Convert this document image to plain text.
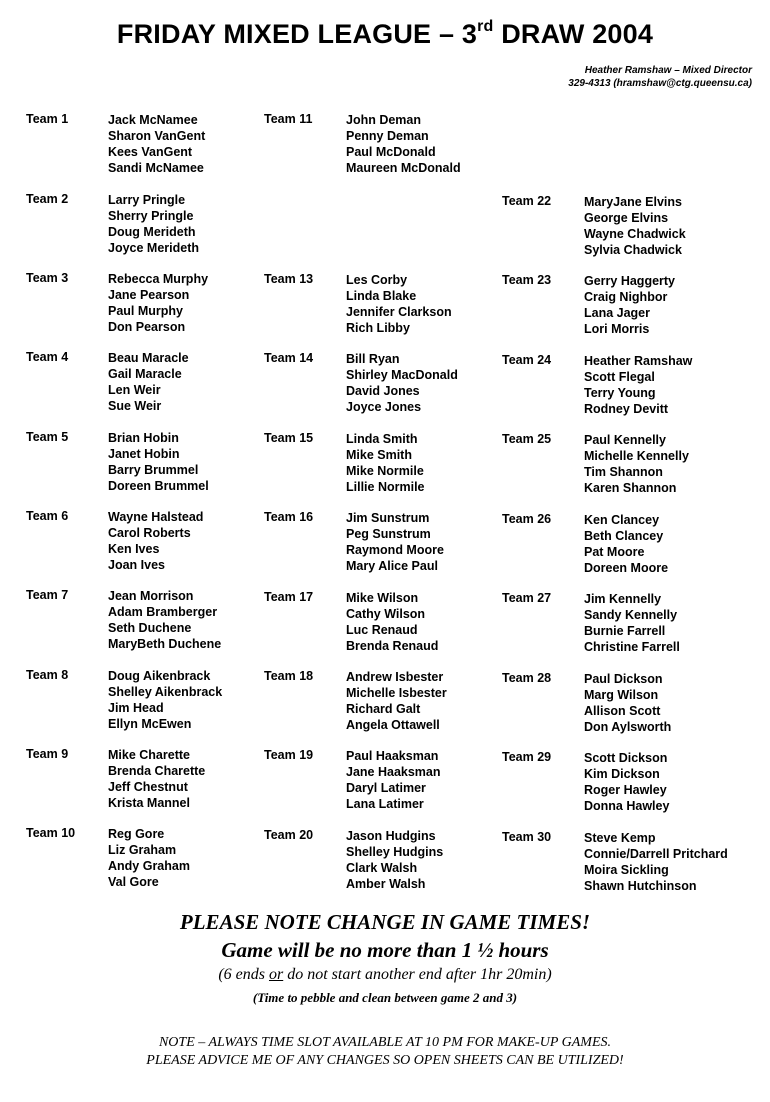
FRIDAY MIXED LEAGUE – 3rd DRAW 2004
Heather Ramshaw – Mixed Director
329-4313 (hramshaw@ctg.queensu.ca)
Team 1	Jack McNamee
Sharon VanGent
Kees VanGent
Sandi McNamee
Team 2	Larry Pringle
Sherry Pringle
Doug Merideth
Joyce Merideth
Team 3	Rebecca Murphy
Jane Pearson
Paul Murphy
Don Pearson
Team 4	Beau Maracle
Gail Maracle
Len Weir
Sue Weir
Team 5	Brian Hobin
Janet Hobin
Barry Brummel
Doreen Brummel
Team 6	Wayne Halstead
Carol Roberts
Ken Ives
Joan Ives
Team 7	Jean Morrison
Adam Bramberger
Seth Duchene
MaryBeth Duchene
Team 8	Doug Aikenbrack
Shelley Aikenbrack
Jim Head
Ellyn McEwen
Team 9	Mike Charette
Brenda Charette
Jeff Chestnut
Krista Mannel
Team 10	Reg Gore
Liz Graham
Andy Graham
Val Gore
Team 11	John Deman
Penny Deman
Paul McDonald
Maureen McDonald
Team 13	Les Corby
Linda Blake
Jennifer Clarkson
Rich Libby
Team 14	Bill Ryan
Shirley MacDonald
David Jones
Joyce Jones
Team 15	Linda Smith
Mike Smith
Mike Normile
Lillie Normile
Team 16	Jim Sunstrum
Peg Sunstrum
Raymond Moore
Mary Alice Paul
Team 17	Mike Wilson
Cathy Wilson
Luc Renaud
Brenda Renaud
Team 18	Andrew Isbester
Michelle Isbester
Richard Galt
Angela Ottawell
Team 19	Paul Haaksman
Jane Haaksman
Daryl Latimer
Lana Latimer
Team 20	Jason Hudgins
Shelley Hudgins
Clark Walsh
Amber Walsh
Team 22	MaryJane Elvins
George Elvins
Wayne Chadwick
Sylvia Chadwick
Team 23	Gerry Haggerty
Craig Nighbor
Lana Jager
Lori Morris
Team 24	Heather Ramshaw
Scott Flegal
Terry Young
Rodney Devitt
Team 25	Paul Kennelly
Michelle Kennelly
Tim Shannon
Karen Shannon
Team 26	Ken Clancey
Beth Clancey
Pat Moore
Doreen Moore
Team 27	Jim Kennelly
Sandy Kennelly
Burnie Farrell
Christine Farrell
Team 28	Paul Dickson
Marg Wilson
Allison Scott
Don Aylsworth
Team 29	Scott Dickson
Kim Dickson
Roger Hawley
Donna Hawley
Team 30	Steve Kemp
Connie/Darrell Pritchard
Moira Sickling
Shawn Hutchinson
PLEASE NOTE CHANGE IN GAME TIMES!
Game will be no more than 1 ½ hours
(6 ends or do not start another end after 1hr 20min)
(Time to pebble and clean between game 2 and 3)
NOTE – ALWAYS TIME SLOT AVAILABLE AT 10 PM FOR MAKE-UP GAMES.
PLEASE ADVICE ME OF ANY CHANGES SO OPEN SHEETS CAN BE UTILIZED!
